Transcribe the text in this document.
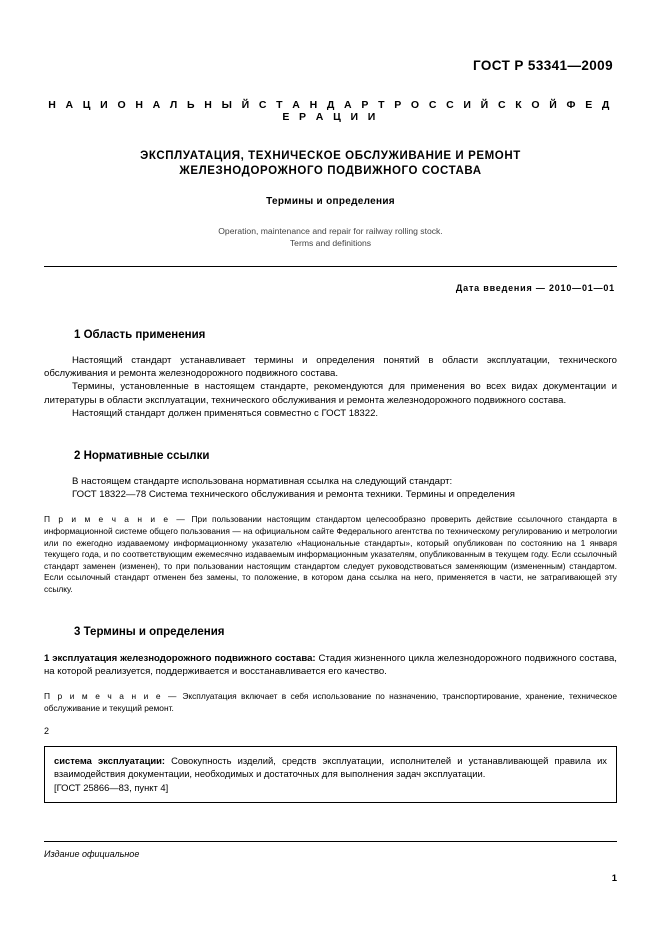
ГОСТ Р 53341—2009
Н А Ц И О Н А Л Ь Н Ы Й С Т А Н Д А Р Т Р О С С И Й С К О Й Ф Е Д Е Р А Ц И И
ЭКСПЛУАТАЦИЯ, ТЕХНИЧЕСКОЕ ОБСЛУЖИВАНИЕ И РЕМОНТ
ЖЕЛЕЗНОДОРОЖНОГО ПОДВИЖНОГО СОСТАВА
Термины и определения
Operation, maintenance and repair for railway rolling stock.
Terms and definitions
Дата введения — 2010—01—01
1 Область применения

Настоящий стандарт устанавливает термины и определения понятий в области эксплуатации, технического обслуживания и ремонта железнодорожного подвижного состава.

Термины, установленные в настоящем стандарте, рекомендуются для применения во всех видах документации и литературы в области эксплуатации, технического обслуживания и ремонта железнодорожного подвижного состава.

Настоящий стандарт должен применяться совместно с ГОСТ 18322.

2 Нормативные ссылки

В настоящем стандарте использована нормативная ссылка на следующий стандарт:

ГОСТ 18322—78 Система технического обслуживания и ремонта техники. Термины и определения

П р и м е ч а н и е — При пользовании настоящим стандартом целесообразно проверить действие ссылочного стандарта в информационной системе общего пользования — на официальном сайте Федерального агентства по техническому регулированию и метрологии или по ежегодно издаваемому информационному указателю «Национальные стандарты», который опубликован по состоянию на 1 января текущего года, и по соответствующим ежемесячно издаваемым информационным указателям, опубликованным в текущем году. Если ссылочный стандарт заменен (изменен), то при пользовании настоящим стандартом следует руководствоваться заменяющим (измененным) стандартом. Если ссылочный стандарт отменен без замены, то положение, в котором дана ссылка на него, применяется в части, не затрагивающей эту ссылку.

3 Термины и определения
1 эксплуатация железнодорожного подвижного состава: Стадия жизненного цикла железнодорожного подвижного состава, на которой реализуется, поддерживается и восстанавливается его качество.

П р и м е ч а н и е — Эксплуатация включает в себя использование по назначению, транспортирование, хранение, техническое обслуживание и текущий ремонт.

2
система эксплуатации: Совокупность изделий, средств эксплуатации, исполнителей и устанавливающей правила их взаимодействия документации, необходимых и достаточных для выполнения задач эксплуатации.
[ГОСТ 25866—83, пункт 4]
Издание официальное
1
